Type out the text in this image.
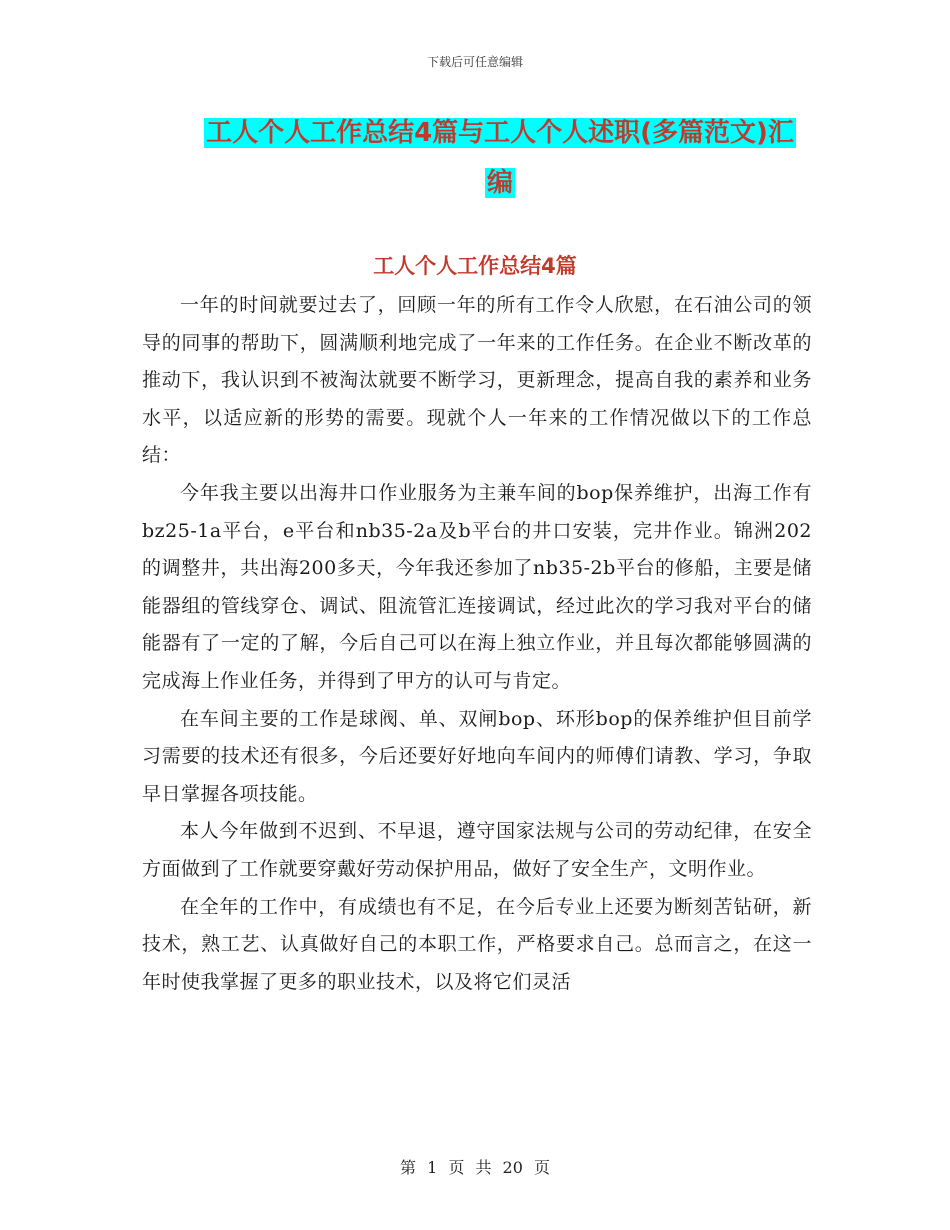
下载后可任意编辑
工人个人工作总结4篇与工人个人述职(多篇范文)汇
编
工人个人工作总结4篇

一年的时间就要过去了，回顾一年的所有工作令人欣慰，在石油公司的领导的同事的帮助下，圆满顺利地完成了一年来的工作任务。在企业不断改革的推动下，我认识到不被淘汰就要不断学习，更新理念，提高自我的素养和业务水平，以适应新的形势的需要。现就个人一年来的工作情况做以下的工作总结：

今年我主要以出海井口作业服务为主兼车间的bop保养维护，出海工作有bz25-1a平台，e平台和nb35-2a及b平台的井口安装，完井作业。锦洲202的调整井，共出海200多天，今年我还参加了nb35-2b平台的修船，主要是储能器组的管线穿仓、调试、阻流管汇连接调试，经过此次的学习我对平台的储能器有了一定的了解，今后自己可以在海上独立作业，并且每次都能够圆满的完成海上作业任务，并得到了甲方的认可与肯定。

在车间主要的工作是球阀、单、双闸bop、环形bop的保养维护但目前学习需要的技术还有很多，今后还要好好地向车间内的师傅们请教、学习，争取早日掌握各项技能。

本人今年做到不迟到、不早退，遵守国家法规与公司的劳动纪律，在安全方面做到了工作就要穿戴好劳动保护用品，做好了安全生产，文明作业。

在全年的工作中，有成绩也有不足，在今后专业上还要为断刻苦钻研，新技术，熟工艺、认真做好自己的本职工作，严格要求自己。总而言之，在这一年时使我掌握了更多的职业技术，以及将它们灵活

第 1 页 共 20 页
